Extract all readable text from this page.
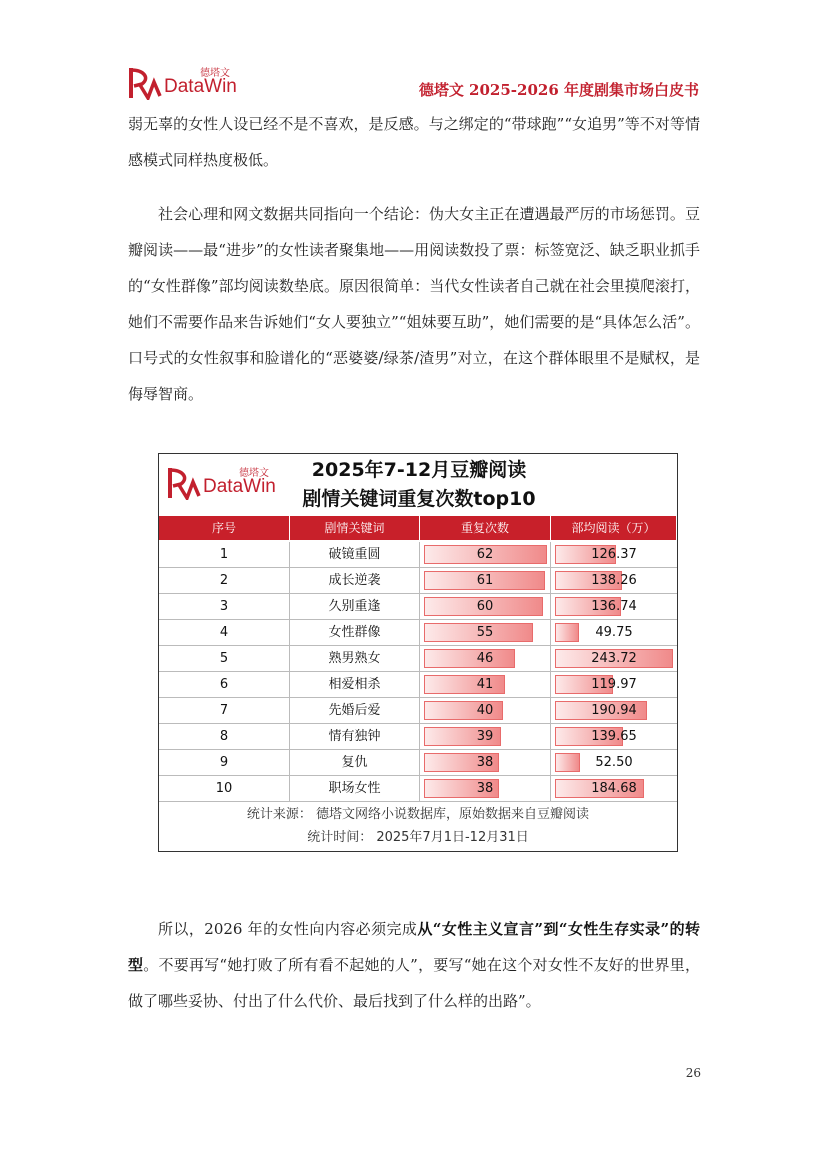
德塔文
DataWin	德塔文 2025-2026 年度剧集市场白皮书

弱无辜的女性人设已经不是不喜欢，是反感。与之绑定的“带球跑”“女追男”等不对等情感模式同样热度极低。

社会心理和网文数据共同指向一个结论：伪大女主正在遭遇最严厉的市场惩罚。豆瓣阅读——最“进步”的女性读者聚集地——用阅读数投了票：标签宽泛、缺乏职业抓手的“女性群像”部均阅读数垫底。原因很简单：当代女性读者自己就在社会里摸爬滚打，她们不需要作品来告诉她们“女人要独立”“姐妹要互助”，她们需要的是“具体怎么活”。口号式的女性叙事和脸谱化的“恶婆婆/绿茶/渣男”对立，在这个群体眼里不是赋权，是侮辱智商。

德塔文
DataWin
2025年7-12月豆瓣阅读
剧情关键词重复次数top10
序号	剧情关键词	重复次数	部均阅读（万）
1	破镜重圆	62	126.37
2	成长逆袭	61	138.26
3	久别重逢	60	136.74
4	女性群像	55	49.75
5	熟男熟女	46	243.72
6	相爱相杀	41	119.97
7	先婚后爱	40	190.94
8	情有独钟	39	139.65
9	复仇	38	52.50
10	职场女性	38	184.68
统计来源： 德塔文网络小说数据库，原始数据来自豆瓣阅读
统计时间： 2025年7月1日-12月31日

所以，2026 年的女性向内容必须完成从“女性主义宣言”到“女性生存实录”的转型。不要再写“她打败了所有看不起她的人”，要写“她在这个对女性不友好的世界里，做了哪些妥协、付出了什么代价、最后找到了什么样的出路”。

26
